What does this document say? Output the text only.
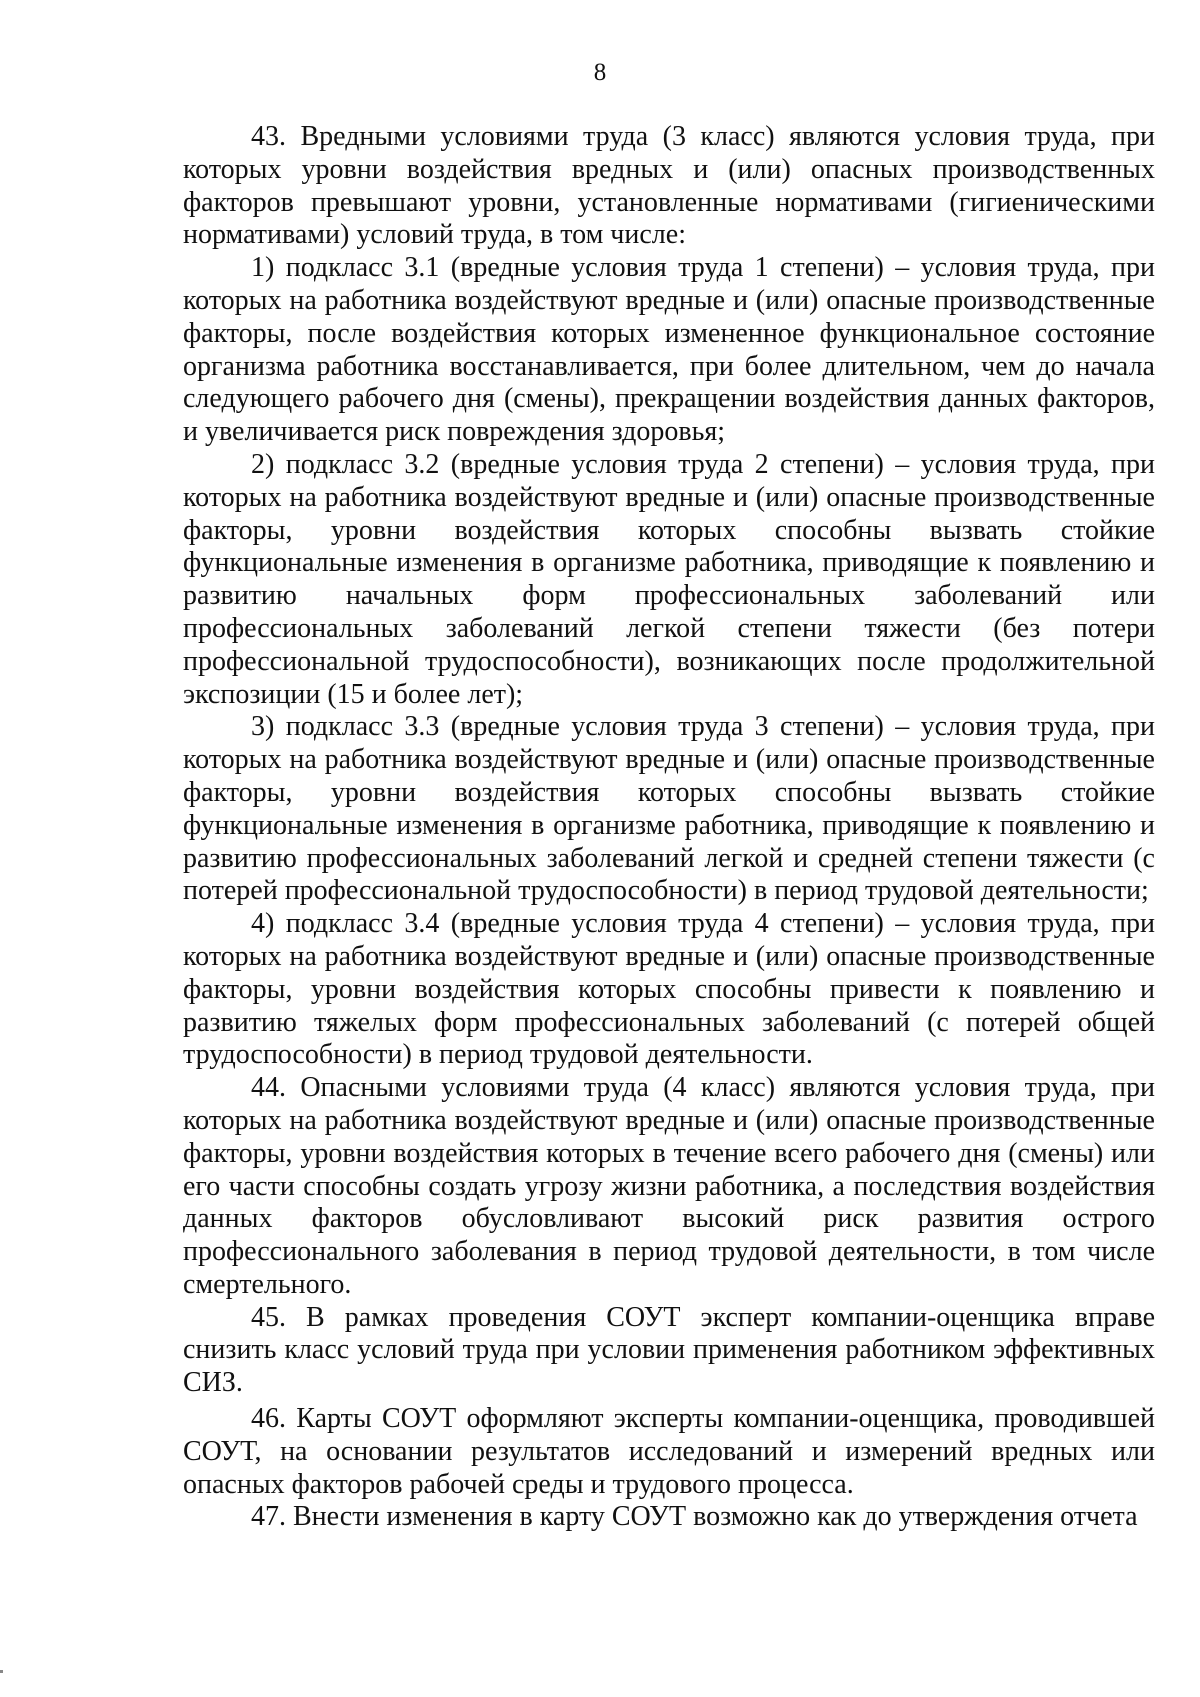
8

43. Вредными условиями труда (3 класс) являются условия труда, при которых уровни воздействия вредных и (или) опасных производственных факторов превышают уровни, установленные нормативами (гигиеническими нормативами) условий труда, в том числе:

1) подкласс 3.1 (вредные условия труда 1 степени) – условия труда, при которых на работника воздействуют вредные и (или) опасные производственные факторы, после воздействия которых измененное функциональное состояние организма работника восстанавливается, при более длительном, чем до начала следующего рабочего дня (смены), прекращении воздействия данных факторов, и увеличивается риск повреждения здоровья;

2) подкласс 3.2 (вредные условия труда 2 степени) – условия труда, при которых на работника воздействуют вредные и (или) опасные производственные факторы, уровни воздействия которых способны вызвать стойкие функциональные изменения в организме работника, приводящие к появлению и развитию начальных форм профессиональных заболеваний или профессиональных заболеваний легкой степени тяжести (без потери профессиональной трудоспособности), возникающих после продолжительной экспозиции (15 и более лет);

3) подкласс 3.3 (вредные условия труда 3 степени) – условия труда, при которых на работника воздействуют вредные и (или) опасные производственные факторы, уровни воздействия которых способны вызвать стойкие функциональные изменения в организме работника, приводящие к появлению и развитию профессиональных заболеваний легкой и средней степени тяжести (с потерей профессиональной трудоспособности) в период трудовой деятельности;

4) подкласс 3.4 (вредные условия труда 4 степени) – условия труда, при которых на работника воздействуют вредные и (или) опасные производственные факторы, уровни воздействия которых способны привести к появлению и развитию тяжелых форм профессиональных заболеваний (с потерей общей трудоспособности) в период трудовой деятельности.

44. Опасными условиями труда (4 класс) являются условия труда, при которых на работника воздействуют вредные и (или) опасные производственные факторы, уровни воздействия которых в течение всего рабочего дня (смены) или его части способны создать угрозу жизни работника, а последствия воздействия данных факторов обусловливают высокий риск развития острого профессионального заболевания в период трудовой деятельности, в том числе смертельного.

45. В рамках проведения СОУТ эксперт компании-оценщика вправе снизить класс условий труда при условии применения работником эффективных СИЗ.

46. Карты СОУТ оформляют эксперты компании-оценщика, проводившей СОУТ, на основании результатов исследований и измерений вредных или опасных факторов рабочей среды и трудового процесса.

47. Внести изменения в карту СОУТ возможно как до утверждения отчета
